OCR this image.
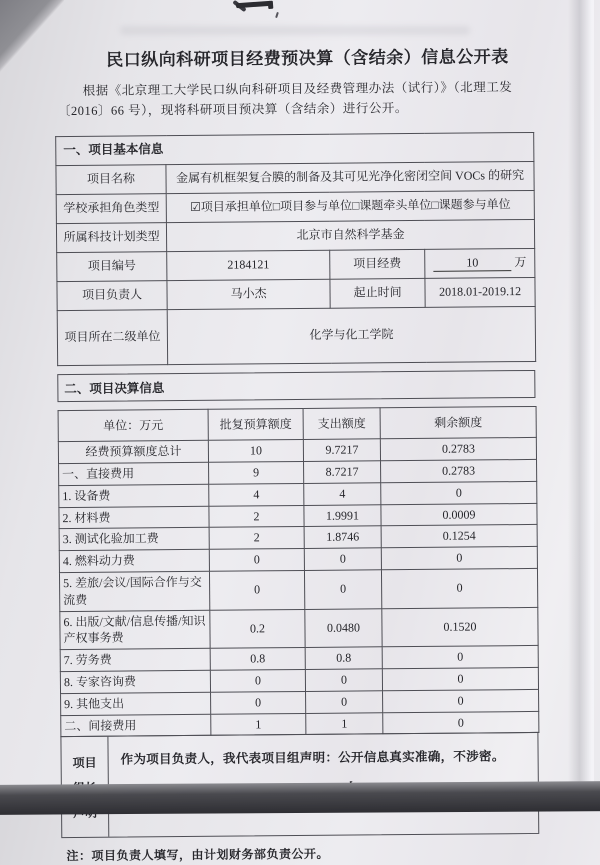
民口纵向科研项目经费预决算（含结余）信息公开表
根据《北京理工大学民口纵向科研项目及经费管理办法（试行）》（北理工发〔2016〕66 号），现将科研项目预决算（含结余）进行公开。
一、项目基本信息			
项目名称	金属有机框架复合膜的制备及其可见光净化密闭空间 VOCs 的研究		
学校承担角色类型	☑项目承担单位□项目参与单位□课题牵头单位□课题参与单位		
所属科技计划类型	北京市自然科学基金		
项目编号	2184121	项目经费	10 万
项目负责人	马小杰	起止时间	2018.01-2019.12
项目所在二级单位	化学与化工学院		
二、项目决算信息
单位：万元	批复预算额度	支出额度	剩余额度
经费预算额度总计	10	9.7217	0.2783
一、直接费用	9	8.7217	0.2783
1. 设备费	4	4	0
2. 材料费	2	1.9991	0.0009
3. 测试化验加工费	2	1.8746	0.1254
4. 燃料动力费	0	0	0
5. 差旅/会议/国际合作与交流费	0	0	0
6. 出版/文献/信息传播/知识产权事务费	0.2	0.0480	0.1520
7. 劳务费	0.8	0.8	0
8. 专家咨询费	0	0	0
9. 其他支出	0	0	0
二、间接费用	1	1	0
项目 作为项目负责人，我代表项目组声明：公开信息真实准确，不涉密。
注：项目负责人填写，由计划财务部负责公开。
